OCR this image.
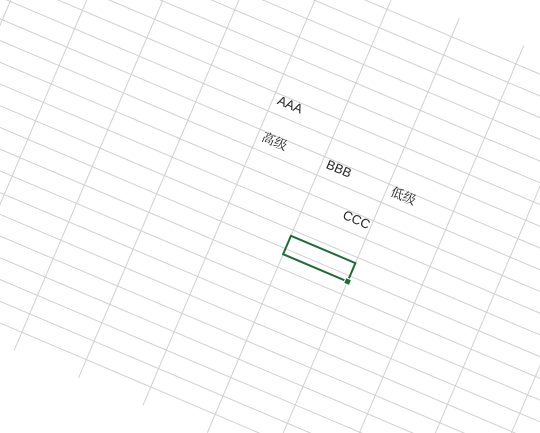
AAA
高级
BBB
低级
CCC
